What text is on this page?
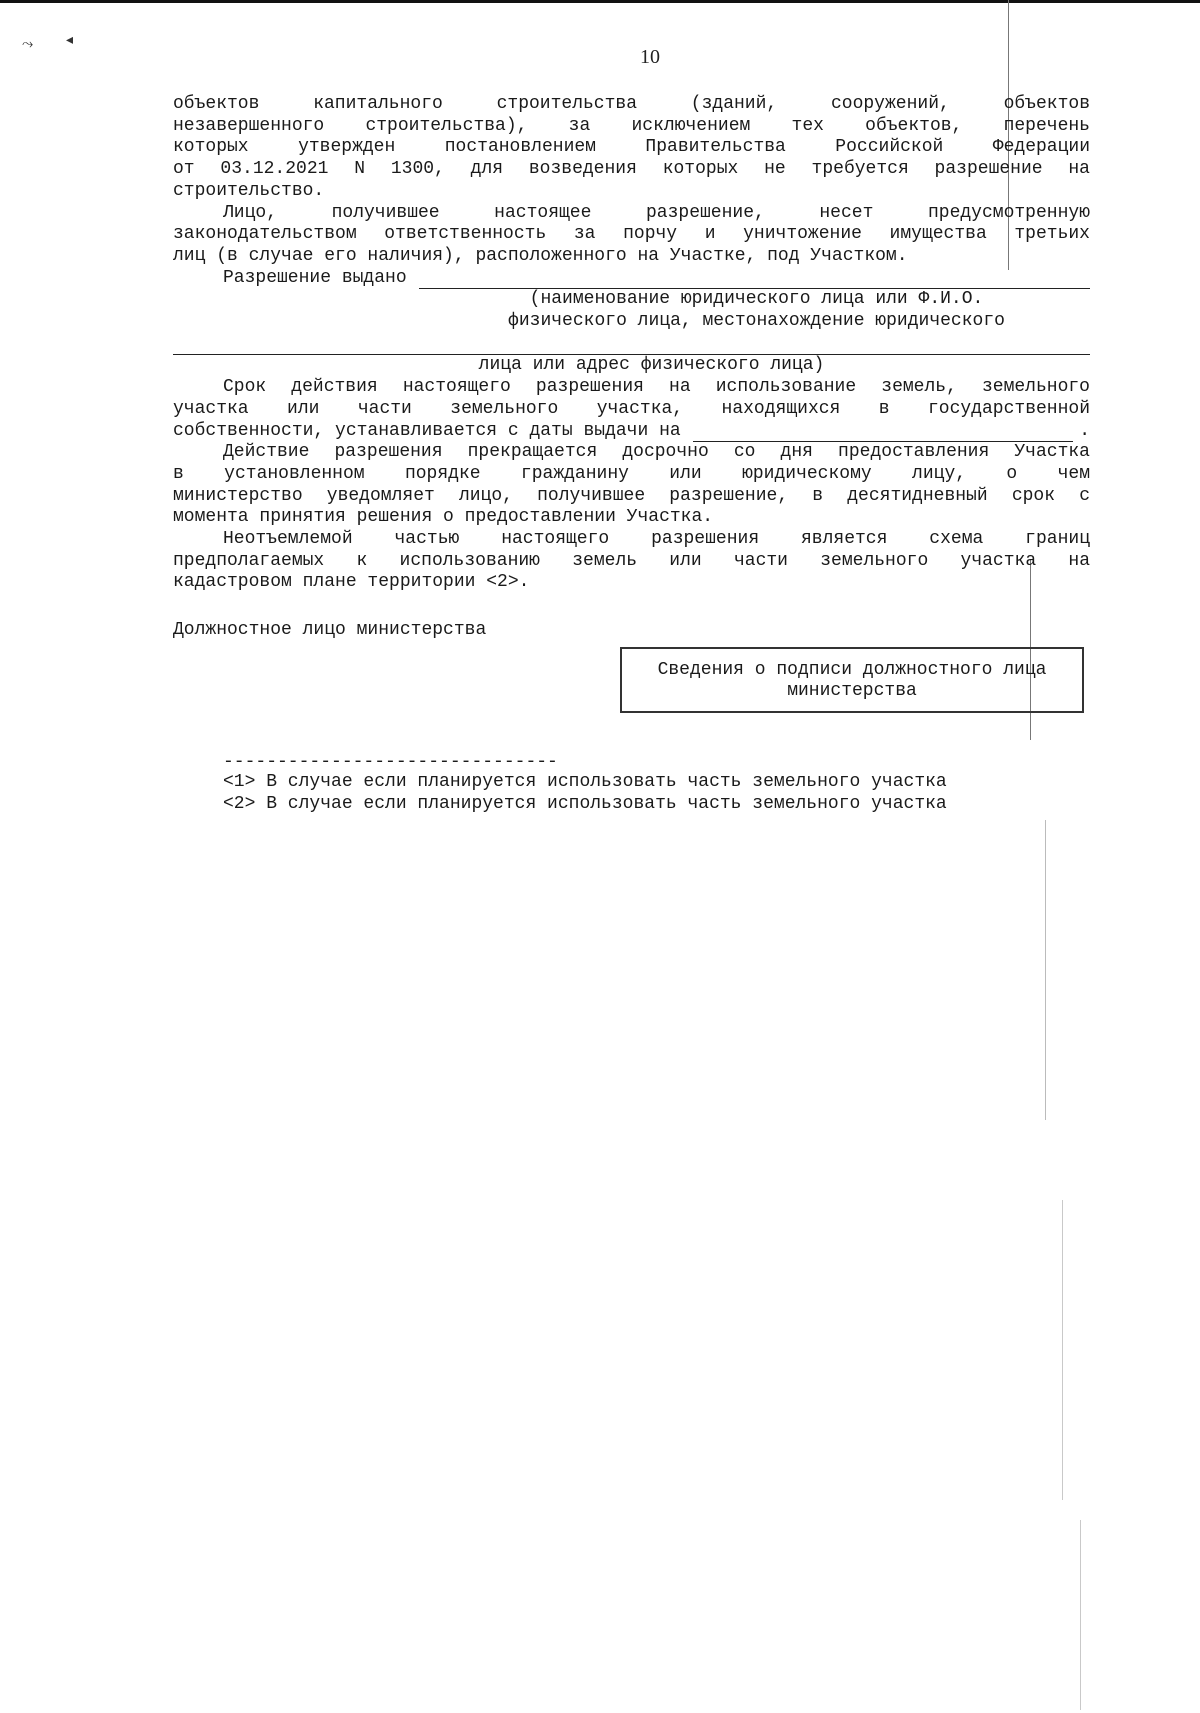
⤳ ◂
10
объектов капитального строительства (зданий, сооружений, объектов
незавершенного строительства), за исключением тех объектов, перечень
которых утвержден постановлением Правительства Российской Федерации
от 03.12.2021 N 1300, для возведения которых не требуется разрешение на
строительство.
Лицо, получившее настоящее разрешение, несет предусмотренную
законодательством ответственность за порчу и уничтожение имущества третьих
лиц (в случае его наличия), расположенного на Участке, под Участком.
Разрешение выдано
(наименование юридического лица или Ф.И.О.
физического лица, местонахождение юридического
лица или адрес физического лица)
Срок действия настоящего разрешения на использование земель, земельного
участка или части земельного участка, находящихся в государственной
собственности, устанавливается с даты выдачи на	.
Действие разрешения прекращается досрочно со дня предоставления Участка
в установленном порядке гражданину или юридическому лицу, о чем
министерство уведомляет лицо, получившее разрешение, в десятидневный срок с
момента принятия решения о предоставлении Участка.
Неотъемлемой частью настоящего разрешения является схема границ
предполагаемых к использованию земель или части земельного участка на
кадастровом плане территории <2>.
Должностное лицо министерства
Сведения о подписи должностного лица
министерства
-------------------------------
<1> В случае если планируется использовать часть земельного участка
<2> В случае если планируется использовать часть земельного участка
